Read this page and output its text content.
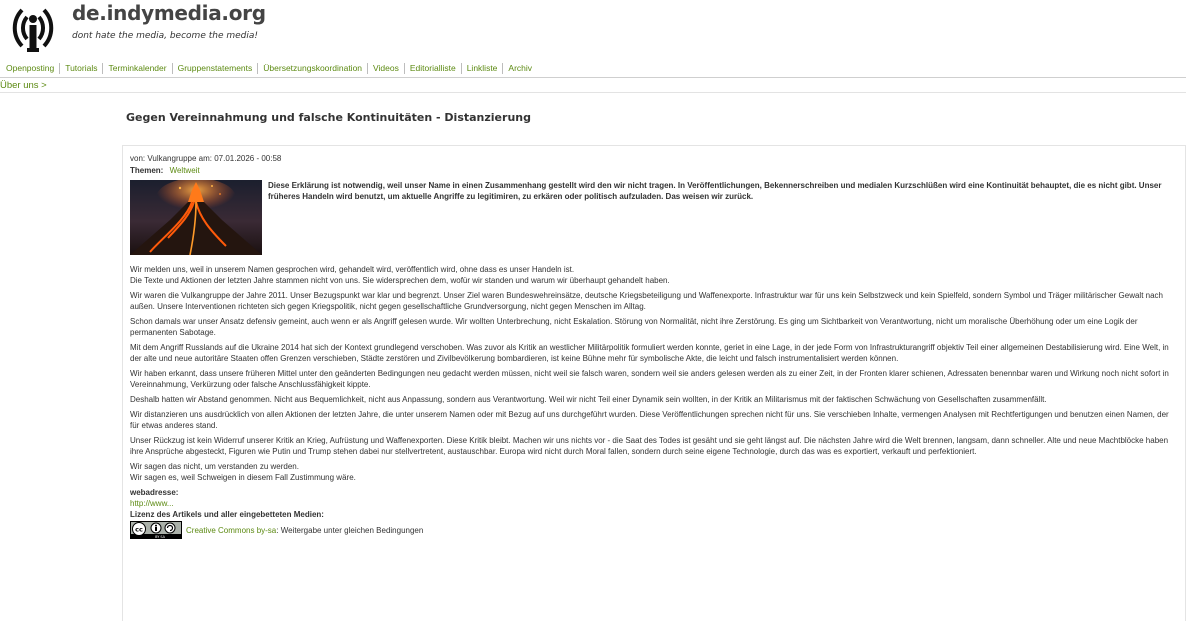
de.indymedia.org
dont hate the media, become the media!
Openposting	Tutorials	Terminkalender	Gruppenstatements	Übersetzungskoordination	Videos	Editorialliste	Linkliste	Archiv
Über uns >
Gegen Vereinnahmung und falsche Kontinuitäten - Distanzierung
von: Vulkangruppe am: 07.01.2026 - 00:58
Themen: Weltweit
Diese Erklärung ist notwendig, weil unser Name in einen Zusammenhang gestellt wird den wir nicht tragen. In Veröffentlichungen, Bekennerschreiben und medialen Kurzschlüßen wird eine Kontinuität behauptet, die es nicht gibt. Unser früheres Handeln wird benutzt, um aktuelle Angriffe zu legitimiren, zu erkären oder politisch aufzuladen. Das weisen wir zurück.
Wir melden uns, weil in unserem Namen gesprochen wird, gehandelt wird, veröffentlich wird, ohne dass es unser Handeln ist.
Die Texte und Aktionen der letzten Jahre stammen nicht von uns. Sie widersprechen dem, wofür wir standen und warum wir überhaupt gehandelt haben.
Wir waren die Vulkangruppe der Jahre 2011. Unser Bezugspunkt war klar und begrenzt. Unser Ziel waren Bundeswehreinsätze, deutsche Kriegsbeteiligung und Waffenexporte. Infrastruktur war für uns kein Selbstzweck und kein Spielfeld, sondern Symbol und Träger militärischer Gewalt nach außen. Unsere Interventionen richteten sich gegen Kriegspolitik, nicht gegen gesellschaftliche Grundversorgung, nicht gegen Menschen im Alltag.
Schon damals war unser Ansatz defensiv gemeint, auch wenn er als Angriff gelesen wurde. Wir wollten Unterbrechung, nicht Eskalation. Störung von Normalität, nicht ihre Zerstörung. Es ging um Sichtbarkeit von Verantwortung, nicht um moralische Überhöhung oder um eine Logik der permanenten Sabotage.
Mit dem Angriff Russlands auf die Ukraine 2014 hat sich der Kontext grundlegend verschoben. Was zuvor als Kritik an westlicher Militärpolitik formuliert werden konnte, geriet in eine Lage, in der jede Form von Infrastrukturangriff objektiv Teil einer allgemeinen Destabilisierung wird. Eine Welt, in der alte und neue autoritäre Staaten offen Grenzen verschieben, Städte zerstören und Zivilbevölkerung bombardieren, ist keine Bühne mehr für symbolische Akte, die leicht und falsch instrumentalisiert werden können.
Wir haben erkannt, dass unsere früheren Mittel unter den geänderten Bedingungen neu gedacht werden müssen, nicht weil sie falsch waren, sondern weil sie anders gelesen werden als zu einer Zeit, in der Fronten klarer schienen, Adressaten benennbar waren und Wirkung noch nicht sofort in Vereinnahmung, Verkürzung oder falsche Anschlussfähigkeit kippte.
Deshalb hatten wir Abstand genommen. Nicht aus Bequemlichkeit, nicht aus Anpassung, sondern aus Verantwortung. Weil wir nicht Teil einer Dynamik sein wollten, in der Kritik an Militarismus mit der faktischen Schwächung von Gesellschaften zusammenfällt.
Wir distanzieren uns ausdrücklich von allen Aktionen der letzten Jahre, die unter unserem Namen oder mit Bezug auf uns durchgeführt wurden. Diese Veröffentlichungen sprechen nicht für uns. Sie verschieben Inhalte, vermengen Analysen mit Rechtfertigungen und benutzen einen Namen, der für etwas anderes stand.
Unser Rückzug ist kein Widerruf unserer Kritik an Krieg, Aufrüstung und Waffenexporten. Diese Kritik bleibt. Machen wir uns nichts vor - die Saat des Todes ist gesäht und sie geht längst auf. Die nächsten Jahre wird die Welt brennen, langsam, dann schneller. Alte und neue Machtblöcke haben ihre Ansprüche abgesteckt, Figuren wie Putin und Trump stehen dabei nur stellvertretent, austauschbar. Europa wird nicht durch Moral fallen, sondern durch seine eigene Technologie, durch das was es exportiert, verkauft und perfektioniert.
Wir sagen das nicht, um verstanden zu werden.
Wir sagen es, weil Schweigen in diesem Fall Zustimmung wäre.
webadresse:
http://www...
Lizenz des Artikels und aller eingebetteten Medien:
cc
BY SA
Creative Commons by-sa : Weitergabe unter gleichen Bedingungen
